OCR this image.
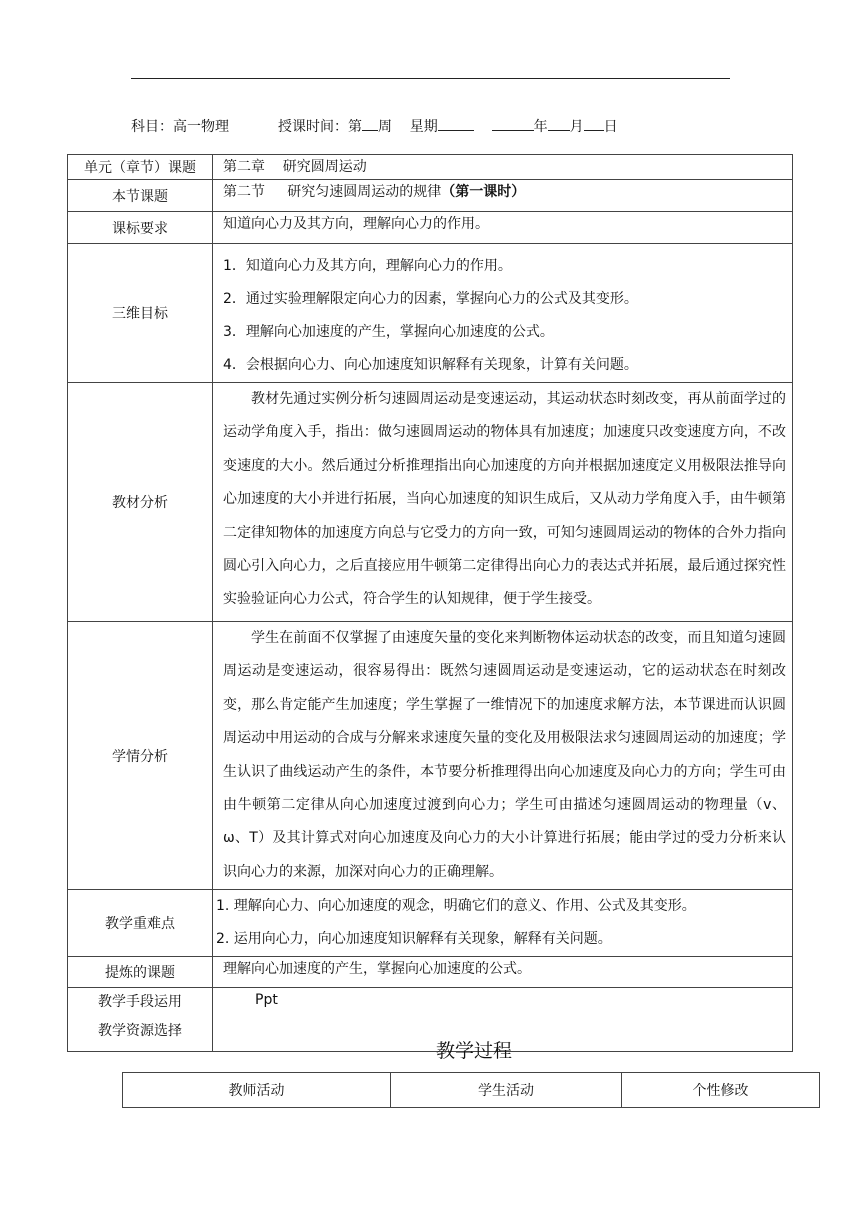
科目：高一物理	授课时间：第 周 星期	年 月 日
单元（章节）课题	第二章    研究圆周运动

本节课题	第二节     研究匀速圆周运动的规律 （第一课时）

课标要求	知道向心力及其方向，理解向心力的作用。

三维目标	1．知道向心力及其方向，理解向心力的作用。
2．通过实验理解限定向心力的因素，掌握向心力的公式及其变形。
3．理解向心加速度的产生，掌握向心加速度的公式。
4．会根据向心力、向心加速度知识解释有关现象，计算有关问题。

教材分析	教材先通过实例分析匀速圆周运动是变速运动，其运动状态时刻改变，再从前面学过的运动学角度入手，指出：做匀速圆周运动的物体具有加速度；加速度只改变速度方向，不改变速度的大小。然后通过分析推理指出向心加速度的方向并根据加速度定义用极限法推导向心加速度的大小并进行拓展，当向心加速度的知识生成后，又从动力学角度入手，由牛顿第二定律知物体的加速度方向总与它受力的方向一致，可知匀速圆周运动的物体的合外力指向圆心引入向心力，之后直接应用牛顿第二定律得出向心力的表达式并拓展，最后通过探究性实验验证向心力公式，符合学生的认知规律，便于学生接受。

学情分析	学生在前面不仅掌握了由速度矢量的变化来判断物体运动状态的改变，而且知道匀速圆周运动是变速运动，很容易得出：既然匀速圆周运动是变速运动，它的运动状态在时刻改变，那么肯定能产生加速度；学生掌握了一维情况下的加速度求解方法，本节课进而认识圆周运动中用运动的合成与分解来求速度矢量的变化及用极限法求匀速圆周运动的加速度；学生认识了曲线运动产生的条件，本节要分析推理得出向心加速度及向心力的方向；学生可由由牛顿第二定律从向心加速度过渡到向心力；学生可由描述匀速圆周运动的物理量（v、ω、T）及其计算式对向心加速度及向心力的大小计算进行拓展；能由学过的受力分析来认识向心力的来源，加深对向心力的正确理解。

教学重难点	1. 理解向心力、向心加速度的观念，明确它们的意义、作用、公式及其变形。
2. 运用向心力，向心加速度知识解释有关现象，解释有关问题。

提炼的课题	理解向心加速度的产生，掌握向心加速度的公式。

教学手段运用
教学资源选择	Ppt
教学过程
教师活动	学生活动	个性修改
